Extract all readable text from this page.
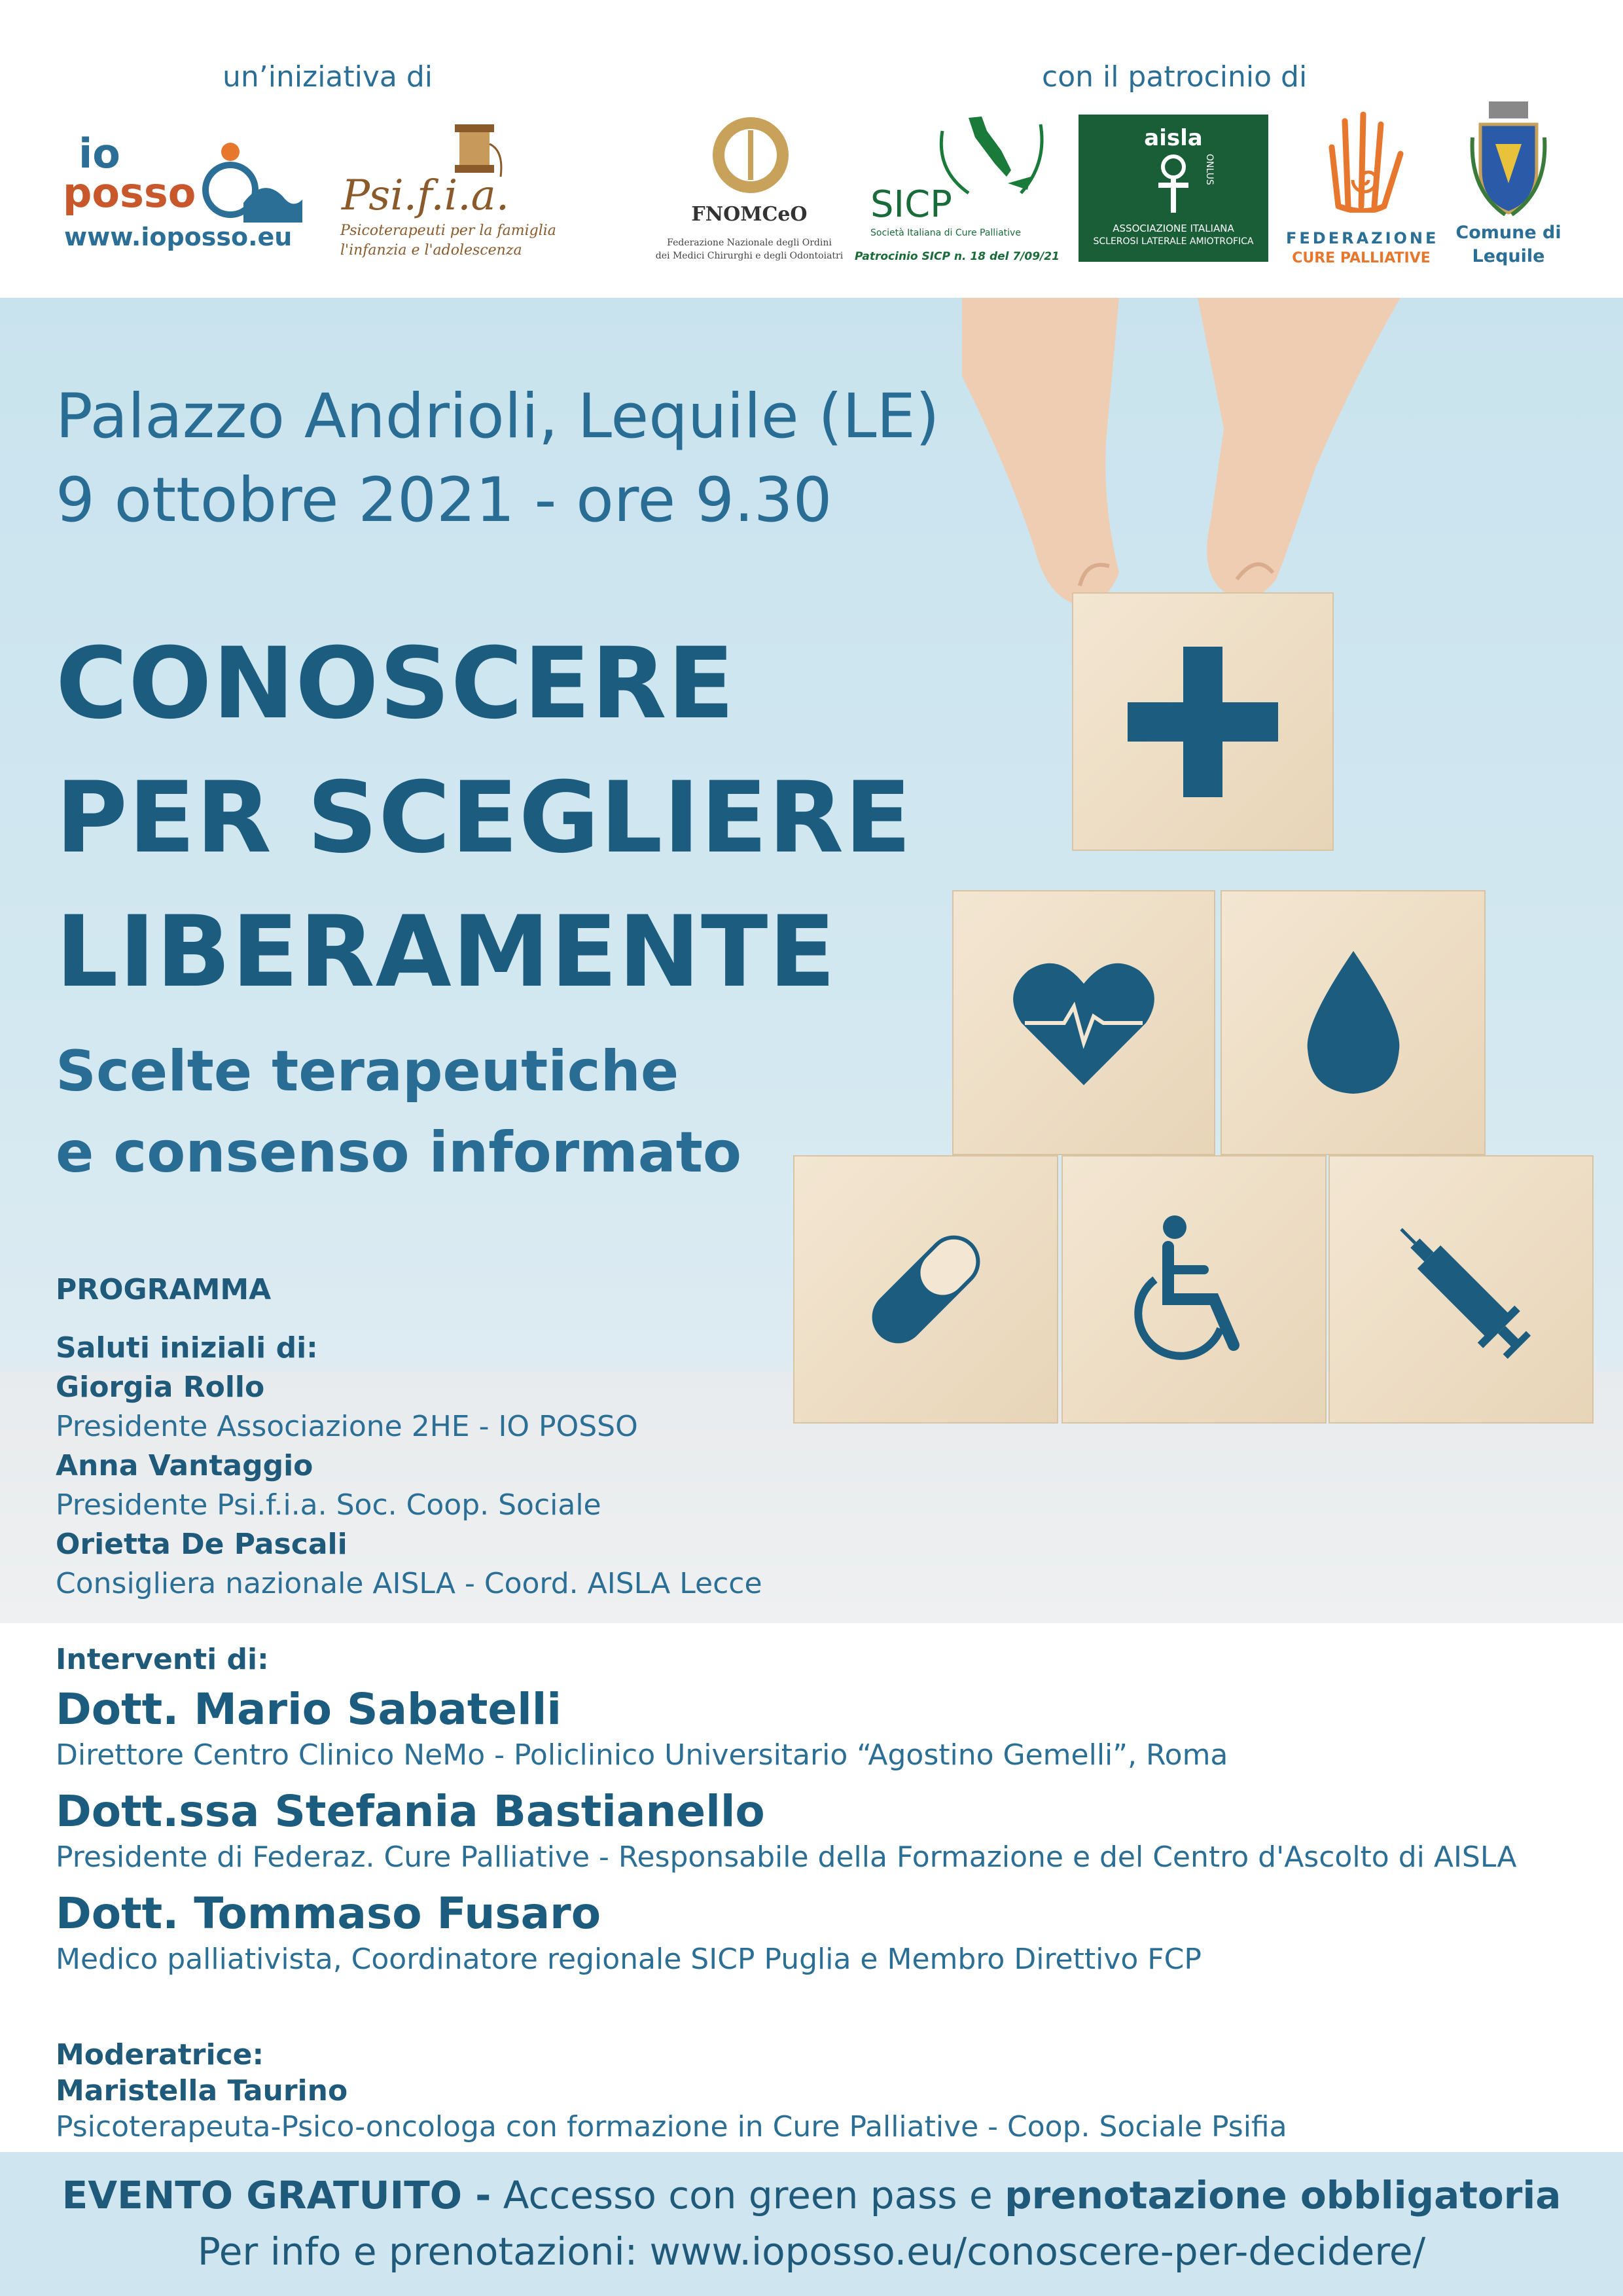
un’iniziativa di	con il patrocinio di
io
posso
www.ioposso.eu
Psi.f.i.a.
Psicoterapeuti per la famiglia
l'infanzia e l'adolescenza
FNOMCeO
Federazione Nazionale degli Ordini
dei Medici Chirurghi e degli Odontoiatri
SICP
Società Italiana di Cure Palliative
Patrocinio SICP n. 18 del 7/09/21
aisla
ONLUS
ASSOCIAZIONE ITALIANA
SCLEROSI LATERALE AMIOTROFICA	FEDERAZIONE
CURE PALLIATIVE
Comune di
Lequile
Palazzo Andrioli, Lequile (LE)
9 ottobre 2021 - ore 9.30
CONOSCERE
PER SCEGLIERE
LIBERAMENTE
Scelte terapeutiche
e consenso informato
PROGRAMMA
Saluti iniziali di:
Giorgia Rollo
Presidente Associazione 2HE - IO POSSO
Anna Vantaggio
Presidente Psi.f.i.a. Soc. Coop. Sociale
Orietta De Pascali
Consigliera nazionale AISLA - Coord. AISLA Lecce
Interventi di:
Dott. Mario Sabatelli
Direttore Centro Clinico NeMo - Policlinico Universitario “Agostino Gemelli”, Roma
Dott.ssa Stefania Bastianello
Presidente di Federaz. Cure Palliative - Responsabile della Formazione e del Centro d'Ascolto di AISLA
Dott. Tommaso Fusaro
Medico palliativista, Coordinatore regionale SICP Puglia e Membro Direttivo FCP
Moderatrice:
Maristella Taurino
Psicoterapeuta-Psico-oncologa con formazione in Cure Palliative - Coop. Sociale Psifia
EVENTO GRATUITO - Accesso con green pass e prenotazione obbligatoria
Per info e prenotazioni: www.ioposso.eu/conoscere-per-decidere/
